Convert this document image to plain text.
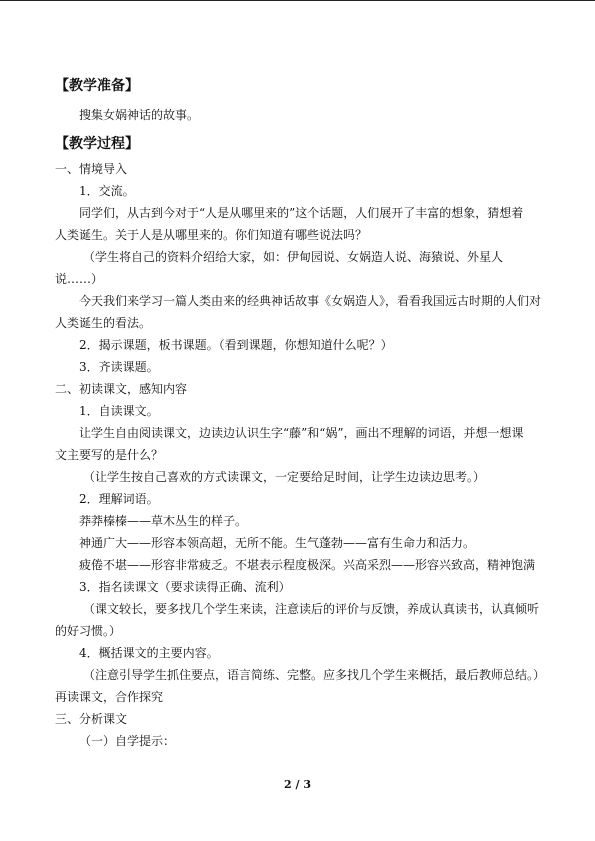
【教学准备】

搜集女娲神话的故事。

【教学过程】

一、情境导入

1．交流。

同学们，从古到今对于“人是从哪里来的”这个话题，人们展开了丰富的想象，猜想着

人类诞生。关于人是从哪里来的。你们知道有哪些说法吗？

（学生将自己的资料介绍给大家，如：伊甸园说、女娲造人说、海猿说、外星人

说……）

今天我们来学习一篇人类由来的经典神话故事《女娲造人》，看看我国远古时期的人们对

人类诞生的看法。

2．揭示课题，板书课题。（看到课题，你想知道什么呢？）

3．齐读课题。

二、初读课文，感知内容

1．自读课文。

让学生自由阅读课文，边读边认识生字“藤”和“娲”，画出不理解的词语，并想一想课

文主要写的是什么？

（让学生按自己喜欢的方式读课文，一定要给足时间，让学生边读边思考。）

2．理解词语。

莽莽榛榛——草木丛生的样子。

神通广大——形容本领高超，无所不能。生气蓬勃——富有生命力和活力。

疲倦不堪——形容非常疲乏。不堪表示程度极深。兴高采烈——形容兴致高，精神饱满

3．指名读课文（要求读得正确、流利）

（课文较长，要多找几个学生来读，注意读后的评价与反馈，养成认真读书，认真倾听

的好习惯。）

4．概括课文的主要内容。

（注意引导学生抓住要点，语言简练、完整。应多找几个学生来概括，最后教师总结。）

再读课文，合作探究

三、分析课文

（一）自学提示：

2 / 3
